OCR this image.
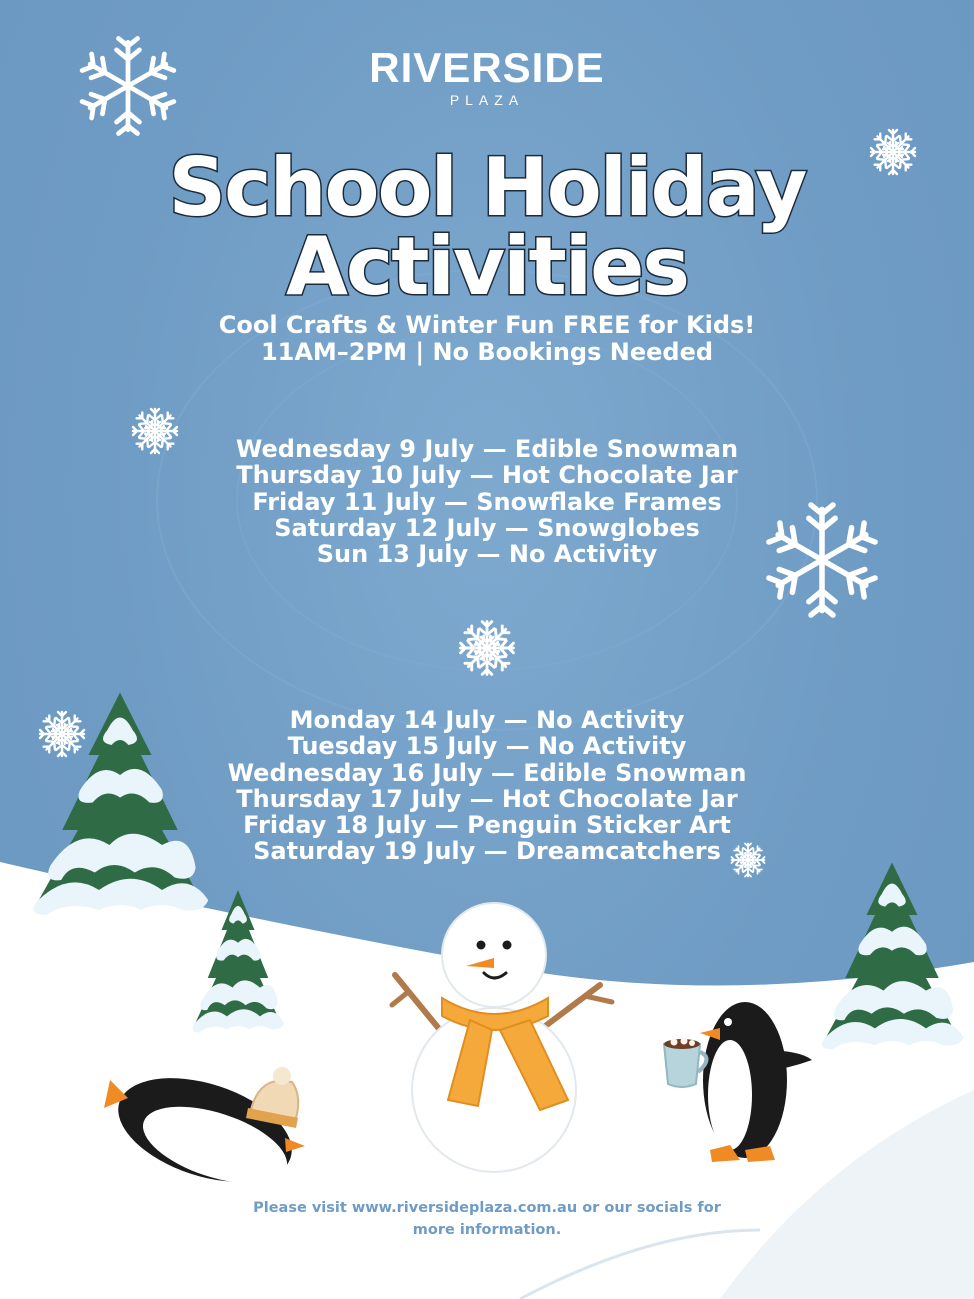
RIVERSIDE
PLAZA
School Holiday
Activities
Cool Crafts & Winter Fun FREE for Kids!
11AM–2PM | No Bookings Needed
Wednesday 9 July — Edible Snowman
Thursday 10 July — Hot Chocolate Jar
Friday 11 July — Snowflake Frames
Saturday 12 July — Snowglobes
Sun 13 July — No Activity
Monday 14 July — No Activity
Tuesday 15 July — No Activity
Wednesday 16 July — Edible Snowman
Thursday 17 July — Hot Chocolate Jar
Friday 18 July — Penguin Sticker Art
Saturday 19 July — Dreamcatchers
Please visit www.riversideplaza.com.au or our socials for
more information.
